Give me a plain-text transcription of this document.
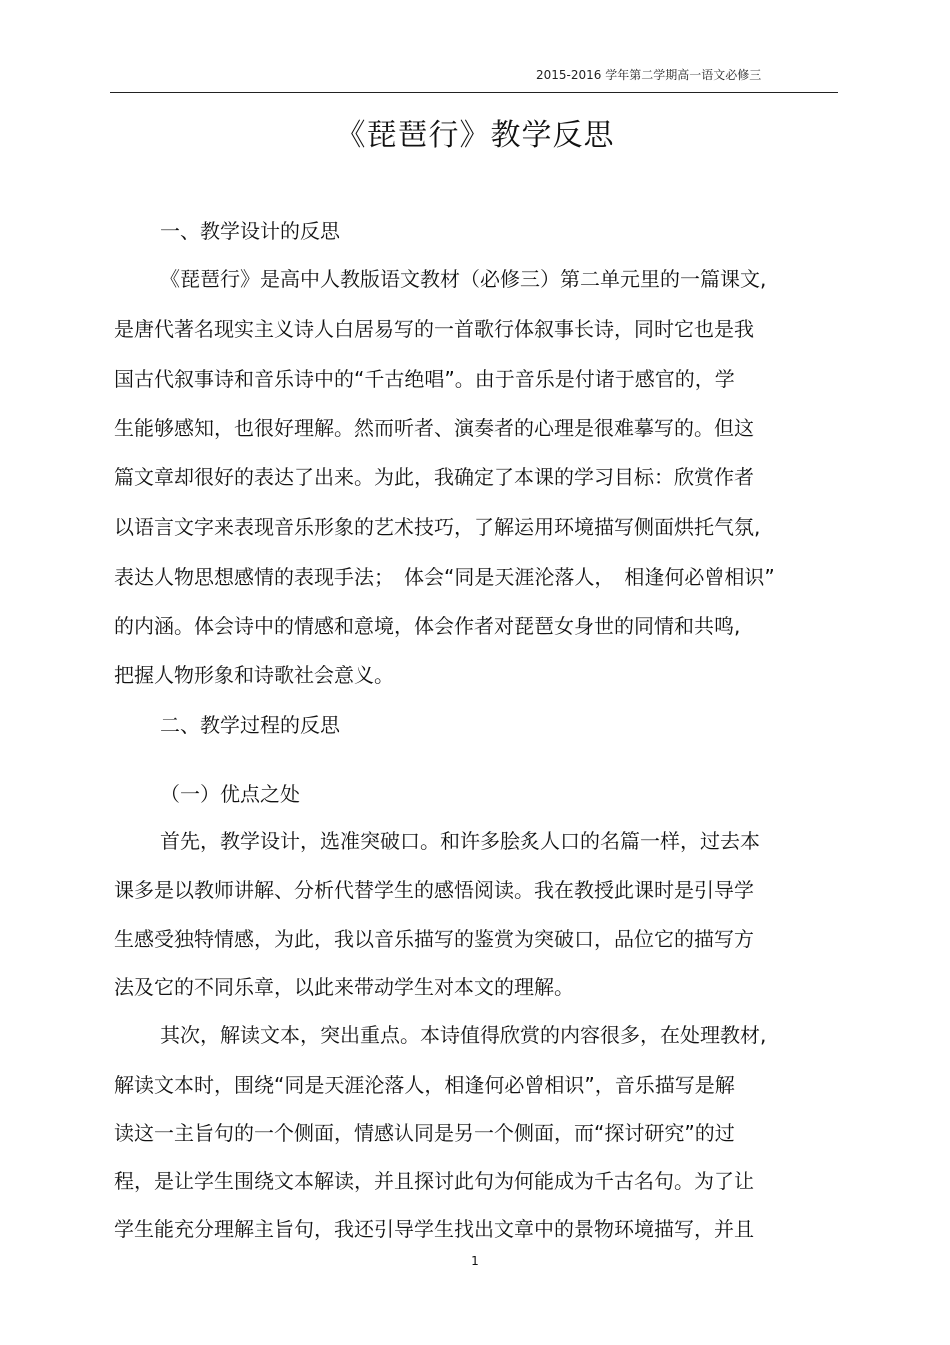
2015-2016 学年第二学期高一语文必修三
《琵琶行》教学反思
一、教学设计的反思
《琵琶行》是高中人教版语文教材（必修三）第二单元里的一篇课文,
是唐代著名现实主义诗人白居易写的一首歌行体叙事长诗，同时它也是我
国古代叙事诗和音乐诗中的“千古绝唱”。由于音乐是付诸于感官的，学
生能够感知，也很好理解。然而听者、演奏者的心理是很难摹写的。但这
篇文章却很好的表达了出来。为此，我确定了本课的学习目标：欣赏作者
以语言文字来表现音乐形象的艺术技巧，了解运用环境描写侧面烘托气氛,
表达人物思想感情的表现手法；　体会“同是天涯沦落人，　相逢何必曾相识”
的内涵。体会诗中的情感和意境，体会作者对琵琶女身世的同情和共鸣,
把握人物形象和诗歌社会意义。
二、教学过程的反思
（一）优点之处
首先，教学设计，选准突破口。和许多脍炙人口的名篇一样，过去本
课多是以教师讲解、分析代替学生的感悟阅读。我在教授此课时是引导学
生感受独特情感，为此，我以音乐描写的鉴赏为突破口，品位它的描写方
法及它的不同乐章，以此来带动学生对本文的理解。
其次，解读文本，突出重点。本诗值得欣赏的内容很多，在处理教材,
解读文本时，围绕“同是天涯沦落人，相逢何必曾相识”，音乐描写是解
读这一主旨句的一个侧面，情感认同是另一个侧面，而“探讨研究”的过
程，是让学生围绕文本解读，并且探讨此句为何能成为千古名句。为了让
学生能充分理解主旨句，我还引导学生找出文章中的景物环境描写，并且
1
